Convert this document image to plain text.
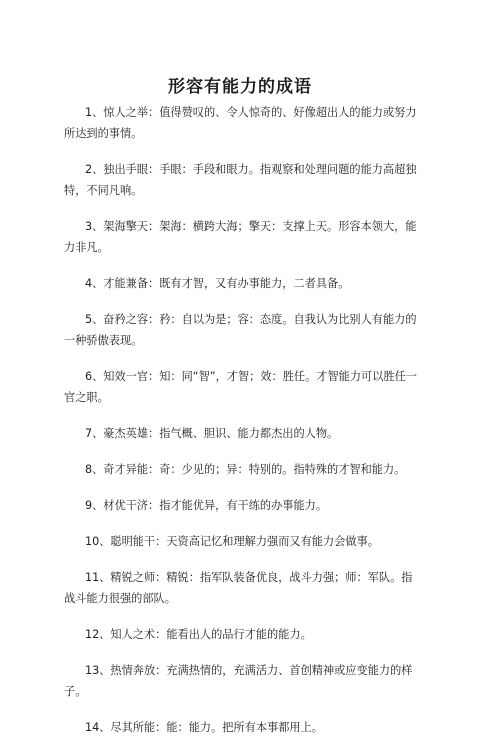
形容有能力的成语
1、惊人之举：值得赞叹的、令人惊奇的、好像超出人的能力或努力所达到的事情。
2、独出手眼：手眼：手段和眼力。指观察和处理问题的能力高超独特，不同凡响。
3、架海擎天：架海：横跨大海；擎天：支撑上天。形容本领大，能力非凡。
4、才能兼备：既有才智，又有办事能力，二者具备。
5、奋矜之容：矜：自以为是；容：态度。自我认为比别人有能力的一种骄傲表现。
6、知效一官：知：同“智”，才智；效：胜任。才智能力可以胜任一官之职。
7、豪杰英雄：指气概、胆识、能力都杰出的人物。
8、奇才异能：奇：少见的；异：特别的。指特殊的才智和能力。
9、材优干济：指才能优异，有干练的办事能力。
10、聪明能干：天资高记忆和理解力强而又有能力会做事。
11、精锐之师：精锐：指军队装备优良，战斗力强；师：军队。指战斗能力很强的部队。
12、知人之术：能看出人的品行才能的能力。
13、热情奔放：充满热情的，充满活力、首创精神或应变能力的样子。
14、尽其所能：能：能力。把所有本事都用上。
